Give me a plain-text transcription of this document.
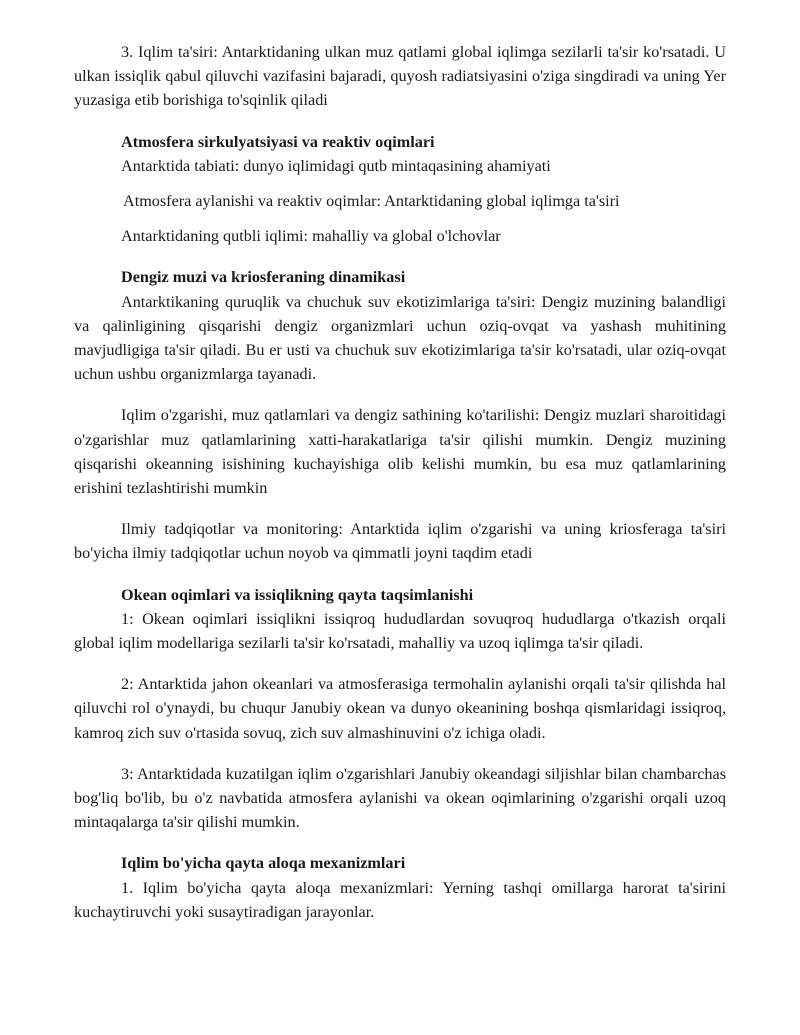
3. Iqlim ta'siri: Antarktidaning ulkan muz qatlami global iqlimga sezilarli ta'sir ko'rsatadi. U ulkan issiqlik qabul qiluvchi vazifasini bajaradi, quyosh radiatsiyasini o'ziga singdiradi va uning Yer yuzasiga etib borishiga to'sqinlik qiladi

Atmosfera sirkulyatsiyasi va reaktiv oqimlari

Antarktida tabiati: dunyo iqlimidagi qutb mintaqasining ahamiyati

Atmosfera aylanishi va reaktiv oqimlar: Antarktidaning global iqlimga ta'siri

Antarktidaning qutbli iqlimi: mahalliy va global o'lchovlar

Dengiz muzi va kriosferaning dinamikasi

Antarktikaning quruqlik va chuchuk suv ekotizimlariga ta'siri: Dengiz muzining balandligi va qalinligining qisqarishi dengiz organizmlari uchun oziq-ovqat va yashash muhitining mavjudligiga ta'sir qiladi. Bu er usti va chuchuk suv ekotizimlariga ta'sir ko'rsatadi, ular oziq-ovqat uchun ushbu organizmlarga tayanadi.

Iqlim o'zgarishi, muz qatlamlari va dengiz sathining ko'tarilishi: Dengiz muzlari sharoitidagi o'zgarishlar muz qatlamlarining xatti-harakatlariga ta'sir qilishi mumkin. Dengiz muzining qisqarishi okeanning isishining kuchayishiga olib kelishi mumkin, bu esa muz qatlamlarining erishini tezlashtirishi mumkin

Ilmiy tadqiqotlar va monitoring: Antarktida iqlim o'zgarishi va uning kriosferaga ta'siri bo'yicha ilmiy tadqiqotlar uchun noyob va qimmatli joyni taqdim etadi

Okean oqimlari va issiqlikning qayta taqsimlanishi

1: Okean oqimlari issiqlikni issiqroq hududlardan sovuqroq hududlarga o'tkazish orqali global iqlim modellariga sezilarli ta'sir ko'rsatadi, mahalliy va uzoq iqlimga ta'sir qiladi.

2: Antarktida jahon okeanlari va atmosferasiga termohalin aylanishi orqali ta'sir qilishda hal qiluvchi rol o'ynaydi, bu chuqur Janubiy okean va dunyo okeanining boshqa qismlaridagi issiqroq, kamroq zich suv o'rtasida sovuq, zich suv almashinuvini o'z ichiga oladi.

3: Antarktidada kuzatilgan iqlim o'zgarishlari Janubiy okeandagi siljishlar bilan chambarchas bog'liq bo'lib, bu o'z navbatida atmosfera aylanishi va okean oqimlarining o'zgarishi orqali uzoq mintaqalarga ta'sir qilishi mumkin.

Iqlim bo'yicha qayta aloqa mexanizmlari

1. Iqlim bo'yicha qayta aloqa mexanizmlari: Yerning tashqi omillarga harorat ta'sirini kuchaytiruvchi yoki susaytiradigan jarayonlar.
